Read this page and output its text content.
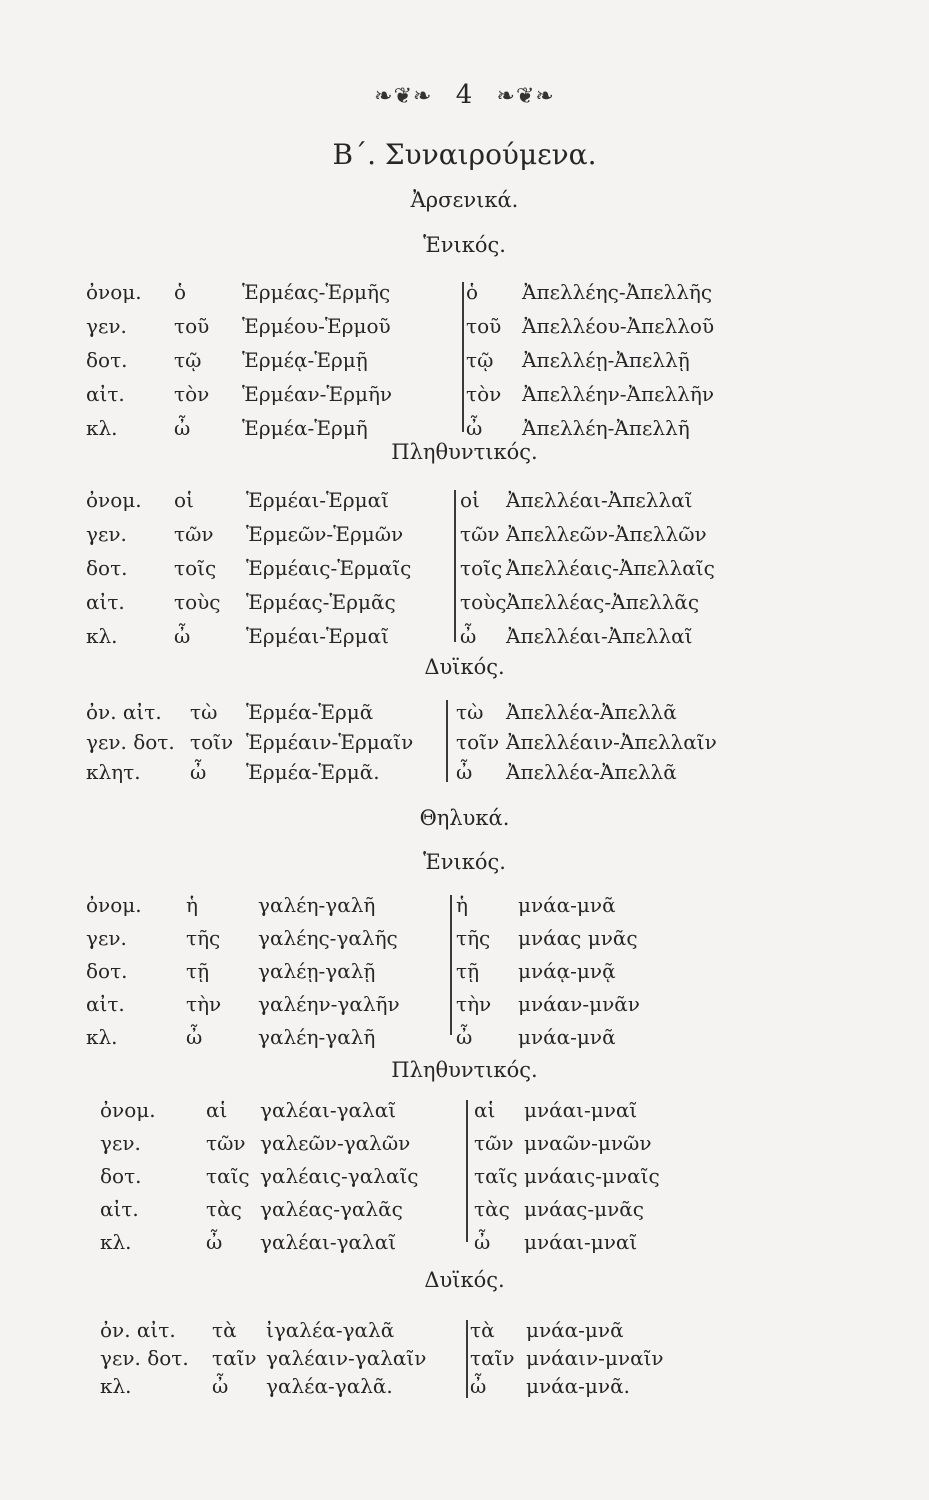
❧❦❧ 4 ❧❦❧
Β΄. Συναιρούμενα.
Ἀρσενικά.
Ἑνικός.
ὀνομ. ὁ	Ἑρμέας-Ἑρμῆς	ὁ Ἀπελλέης-Ἀπελλῆς
γεν. τοῦ Ἑρμέου-Ἑρμοῦ	τοῦ Ἀπελλέου-Ἀπελλοῦ
δοτ. τῷ Ἑρμέᾳ-Ἑρμῇ	τῷ Ἀπελλέῃ-Ἀπελλῇ
αἰτ. τὸν Ἑρμέαν-Ἑρμῆν	τὸν Ἀπελλέην-Ἀπελλῆν
κλ.	ὦ	Ἑρμέα-Ἑρμῆ	ὦ Ἀπελλέη-Ἀπελλῆ
Πληθυντικός.
ὀνομ. οἱ	Ἑρμέαι-Ἑρμαῖ	οἱ Ἀπελλέαι-Ἀπελλαῖ
γεν. τῶν Ἑρμεῶν-Ἑρμῶν	τῶν Ἀπελλεῶν-Ἀπελλῶν
δοτ. τοῖς Ἑρμέαις-Ἑρμαῖς τοῖς Ἀπελλέαις-Ἀπελλαῖς
αἰτ. τοὺς Ἑρμέας-Ἑρμᾶς	τοὺς Ἀπελλέας-Ἀπελλᾶς
κλ.	ὦ	Ἑρμέαι-Ἑρμαῖ	ὦ Ἀπελλέαι-Ἀπελλαῖ
Δυϊκός.
ὀν. αἰτ. τὼ Ἑρμέα-Ἑρμᾶ	τὼ Ἀπελλέα-Ἀπελλᾶ
γεν. δοτ. τοῖν Ἑρμέαιν-Ἑρμαῖν τοῖν Ἀπελλέαιν-Ἀπελλαῖν
κλητ. ὦ Ἑρμέα-Ἑρμᾶ.	ὦ Ἀπελλέα-Ἀπελλᾶ
Θηλυκά.
Ἑνικός.
ὀνομ. ἡ	γαλέη-γαλῆ	ἡ	μνάα-μνᾶ
γεν.	τῆς γαλέης-γαλῆς	τῆς μνάας μνᾶς
δοτ.	τῇ γαλέῃ-γαλῇ	τῇ μνάᾳ-μνᾷ
αἰτ.	τὴν γαλέην-γαλῆν	τὴν μνάαν-μνᾶν
κλ.	ὦ	γαλέη-γαλῆ	ὦ μνάα-μνᾶ
Πληθυντικός.
ὀνομ.	αἱ γαλέαι-γαλαῖ	αἱ μνάαι-μναῖ
γεν.	τῶν γαλεῶν-γαλῶν	τῶν μναῶν-μνῶν
δοτ.	ταῖς γαλέαις-γαλαῖς	ταῖς μνάαις-μναῖς
αἰτ.	τὰς γαλέας-γαλᾶς	τὰς μνάας-μνᾶς
κλ.	ὦ γαλέαι-γαλαῖ	ὦ μνάαι-μναῖ
Δυϊκός.
ὀν. αἰτ. τὰ ἰγαλέα-γαλᾶ	τὰ μνάα-μνᾶ
γεν. δοτ. ταῖν γαλέαιν-γαλαῖν ταῖν μνάαιν-μναῖν
κλ.	ὦ γαλέα-γαλᾶ.	ὦ μνάα-μνᾶ.
